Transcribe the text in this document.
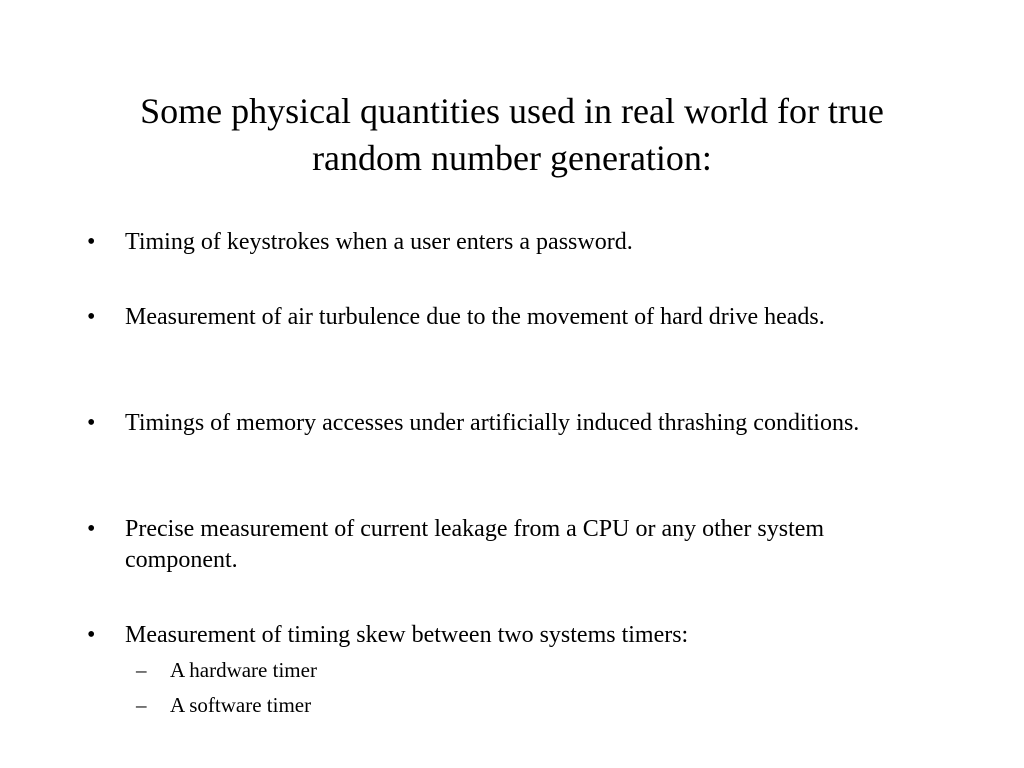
Some physical quantities used in real world for true
random number generation:
• Timing of keystrokes when a user enters a password.
• Measurement of air turbulence due to the movement of hard drive heads.
• Timings of memory accesses under artificially induced thrashing conditions.
• Precise measurement of current leakage from a CPU or any other system component.
• Measurement of timing skew between two systems timers:
– A hardware timer
– A software timer
